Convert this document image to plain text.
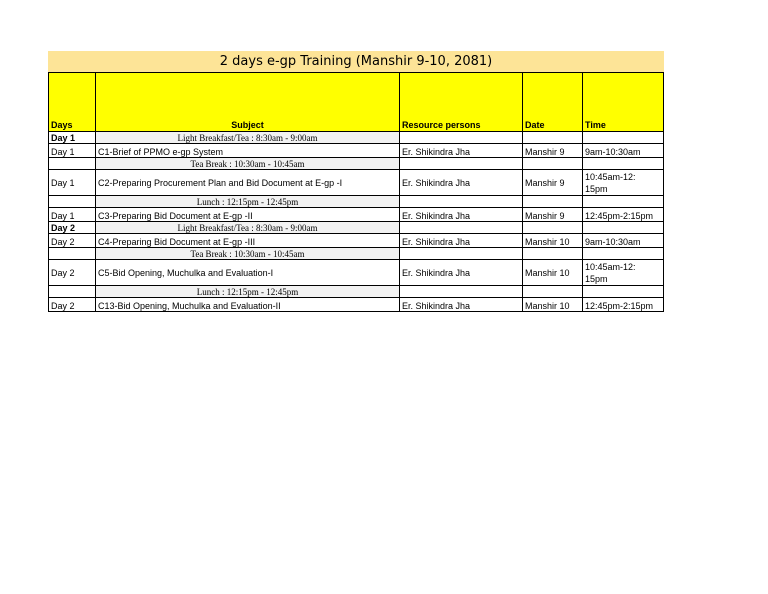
2 days e-gp Training (Manshir 9-10, 2081)				
Days	Subject	Resource persons	Date	Time
Day 1	Light Breakfast/Tea : 8:30am - 9:00am			
Day 1	C1-Brief of PPMO e-gp System	Er. Shikindra Jha	Manshir 9	9am-10:30am
	Tea Break : 10:30am - 10:45am			
Day 1	C2-Preparing Procurement Plan and Bid Document at E-gp -I	Er. Shikindra Jha	Manshir 9	10:45am-12:
15pm
	Lunch : 12:15pm - 12:45pm			
Day 1	C3-Preparing Bid Document at E-gp -II	Er. Shikindra Jha	Manshir 9	12:45pm-2:15pm
Day 2	Light Breakfast/Tea : 8:30am - 9:00am			
Day 2	C4-Preparing Bid Document at E-gp -III	Er. Shikindra Jha	Manshir 10	9am-10:30am
	Tea Break : 10:30am - 10:45am			
Day 2	C5-Bid Opening, Muchulka and Evaluation-I	Er. Shikindra Jha	Manshir 10	10:45am-12:
15pm
	Lunch : 12:15pm - 12:45pm			
Day 2	C13-Bid Opening, Muchulka and Evaluation-II	Er. Shikindra Jha	Manshir 10	12:45pm-2:15pm
